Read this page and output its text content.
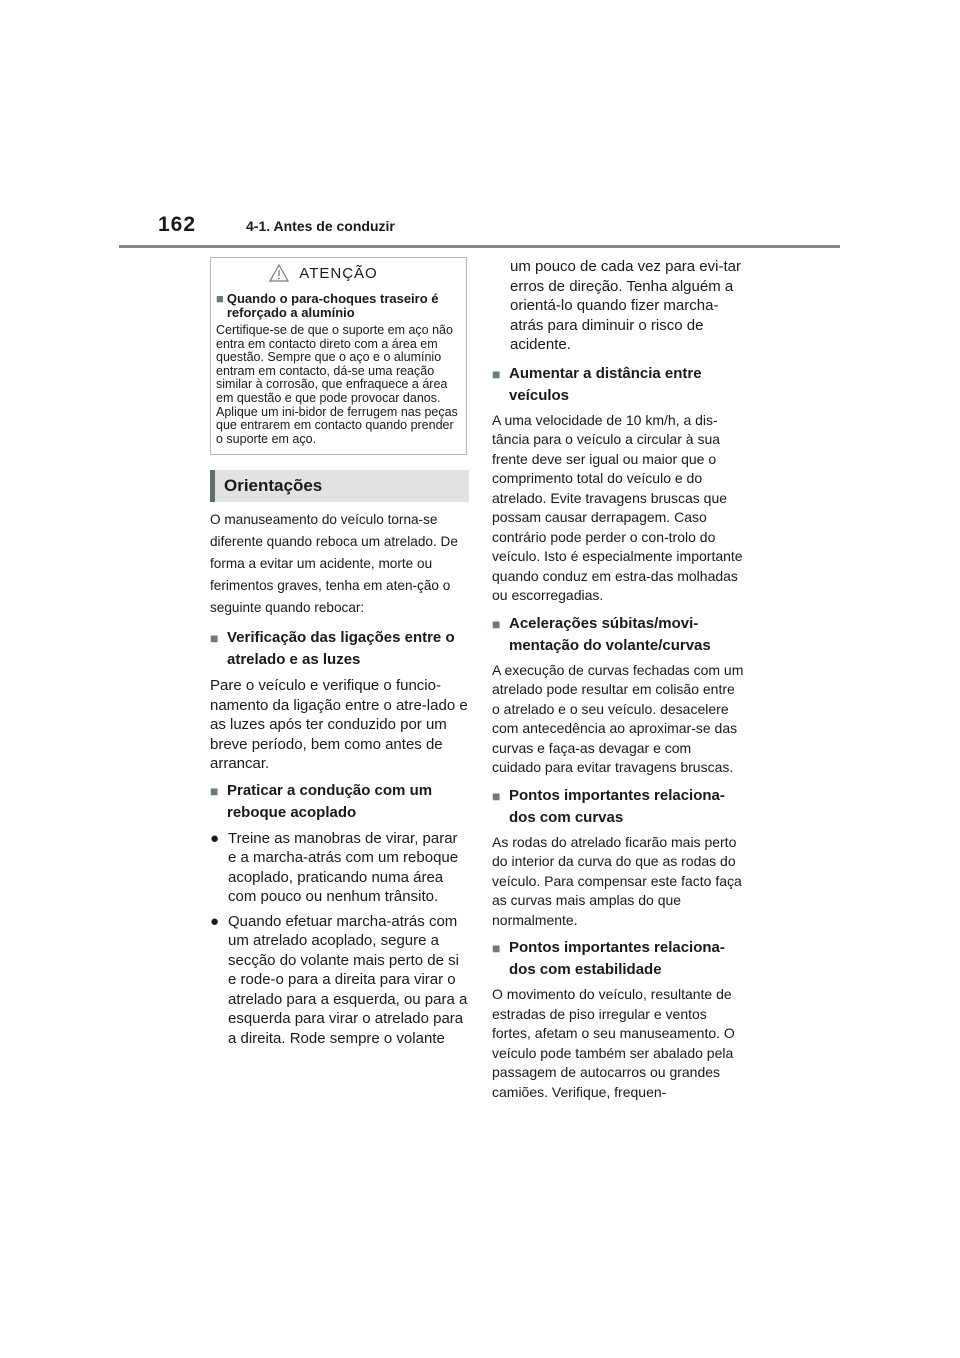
162	4-1. Antes de conduzir
ATENÇÃO
■ Quando o para-choques traseiro é reforçado a alumínio
Certifique-se de que o suporte em aço não entra em contacto direto com a área em questão. Sempre que o aço e o alumínio entram em contacto, dá-se uma reação similar à corrosão, que enfraquece a área em questão e que pode provocar danos. Aplique um ini-bidor de ferrugem nas peças que entrarem em contacto quando prender o suporte em aço.
Orientações
O manuseamento do veículo torna-se diferente quando reboca um atrelado. De forma a evitar um acidente, morte ou ferimentos graves, tenha em aten-ção o seguinte quando rebocar:
■ Verificação das ligações entre o atrelado e as luzes
Pare o veículo e verifique o funcio-namento da ligação entre o atre-lado e as luzes após ter conduzido por um breve período, bem como antes de arrancar.
■ Praticar a condução com um reboque acoplado
● Treine as manobras de virar, parar e a marcha-atrás com um reboque acoplado, praticando numa área com pouco ou nenhum trânsito.
● Quando efetuar marcha-atrás com um atrelado acoplado, segure a secção do volante mais perto de si e rode-o para a direita para virar o atrelado para a esquerda, ou para a esquerda para virar o atrelado para a direita. Rode sempre o volante
um pouco de cada vez para evi-tar erros de direção. Tenha alguém a orientá-lo quando fizer marcha-atrás para diminuir o risco de acidente.
■ Aumentar a distância entre veículos
A uma velocidade de 10 km/h, a dis-tância para o veículo a circular à sua frente deve ser igual ou maior que o comprimento total do veículo e do atrelado. Evite travagens bruscas que possam causar derrapagem. Caso contrário pode perder o con-trolo do veículo. Isto é especialmente importante quando conduz em estra-das molhadas ou escorregadias.
■ Acelerações súbitas/movi-mentação do volante/curvas
A execução de curvas fechadas com um atrelado pode resultar em colisão entre o atrelado e o seu veículo. desacelere com antecedência ao aproximar-se das curvas e faça-as devagar e com cuidado para evitar travagens bruscas.
■ Pontos importantes relaciona-dos com curvas
As rodas do atrelado ficarão mais perto do interior da curva do que as rodas do veículo. Para compensar este facto faça as curvas mais amplas do que normalmente.
■ Pontos importantes relaciona-dos com estabilidade
O movimento do veículo, resultante de estradas de piso irregular e ventos fortes, afetam o seu manuseamento. O veículo pode também ser abalado pela passagem de autocarros ou grandes camiões. Verifique, frequen-
